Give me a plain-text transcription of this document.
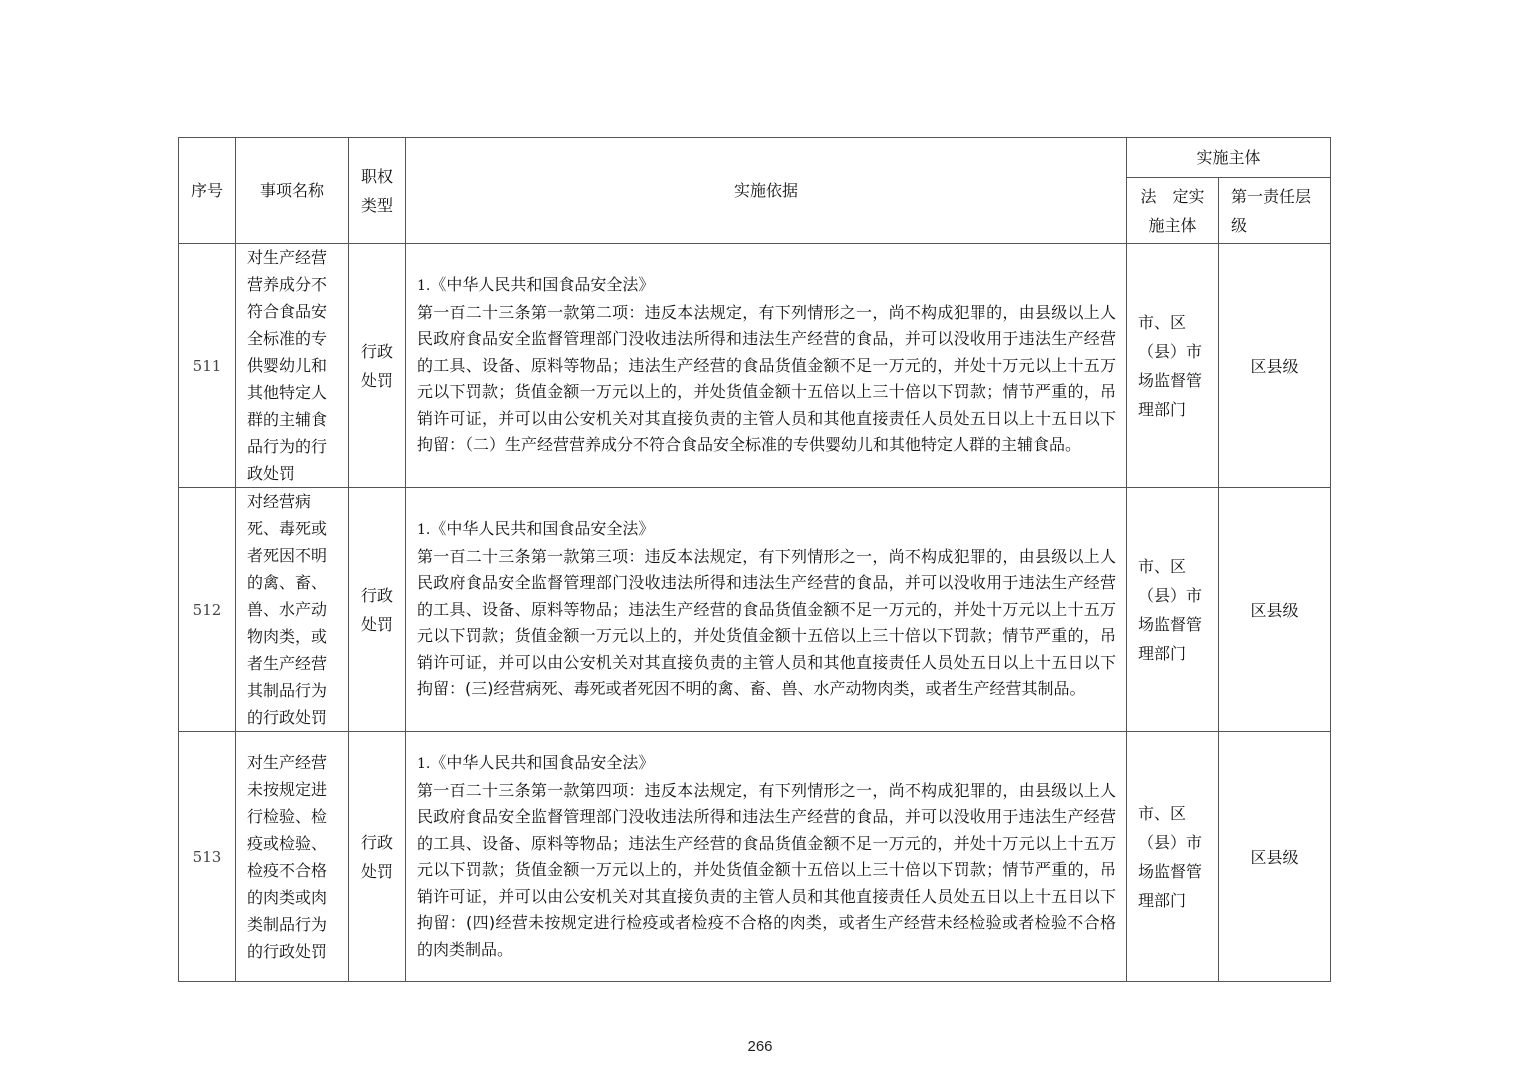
序号	事项名称	职权类型	实施依据	实施主体	
				法　定实施主体	第一责任层级
511	对生产经营营养成分不符合食品安全标准的专供婴幼儿和其他特定人群的主辅食品行为的行政处罚	行政处罚	1.《中华人民共和国食品安全法》
第一百二十三条第一款第二项：违反本法规定，有下列情形之一，尚不构成犯罪的，由县级以上人民政府食品安全监督管理部门没收违法所得和违法生产经营的食品，并可以没收用于违法生产经营的工具、设备、原料等物品；违法生产经营的食品货值金额不足一万元的，并处十万元以上十五万元以下罚款；货值金额一万元以上的，并处货值金额十五倍以上三十倍以下罚款；情节严重的，吊销许可证，并可以由公安机关对其直接负责的主管人员和其他直接责任人员处五日以上十五日以下拘留：（二）生产经营营养成分不符合食品安全标准的专供婴幼儿和其他特定人群的主辅食品。	市、区（县）市场监督管理部门	区县级
512	对经营病死、毒死或者死因不明的禽、畜、兽、水产动物肉类，或者生产经营其制品行为的行政处罚	行政处罚	1.《中华人民共和国食品安全法》
第一百二十三条第一款第三项：违反本法规定，有下列情形之一，尚不构成犯罪的，由县级以上人民政府食品安全监督管理部门没收违法所得和违法生产经营的食品，并可以没收用于违法生产经营的工具、设备、原料等物品；违法生产经营的食品货值金额不足一万元的，并处十万元以上十五万元以下罚款；货值金额一万元以上的，并处货值金额十五倍以上三十倍以下罚款；情节严重的，吊销许可证，并可以由公安机关对其直接负责的主管人员和其他直接责任人员处五日以上十五日以下拘留：(三)经营病死、毒死或者死因不明的禽、畜、兽、水产动物肉类，或者生产经营其制品。	市、区（县）市场监督管理部门	区县级
513	对生产经营未按规定进行检验、检疫或检验、检疫不合格的肉类或肉类制品行为的行政处罚	行政处罚	1.《中华人民共和国食品安全法》
第一百二十三条第一款第四项：违反本法规定，有下列情形之一，尚不构成犯罪的，由县级以上人民政府食品安全监督管理部门没收违法所得和违法生产经营的食品，并可以没收用于违法生产经营的工具、设备、原料等物品；违法生产经营的食品货值金额不足一万元的，并处十万元以上十五万元以下罚款；货值金额一万元以上的，并处货值金额十五倍以上三十倍以下罚款；情节严重的，吊销许可证，并可以由公安机关对其直接负责的主管人员和其他直接责任人员处五日以上十五日以下拘留：(四)经营未按规定进行检疫或者检疫不合格的肉类，或者生产经营未经检验或者检验不合格的肉类制品。	市、区（县）市场监督管理部门	区县级
266
